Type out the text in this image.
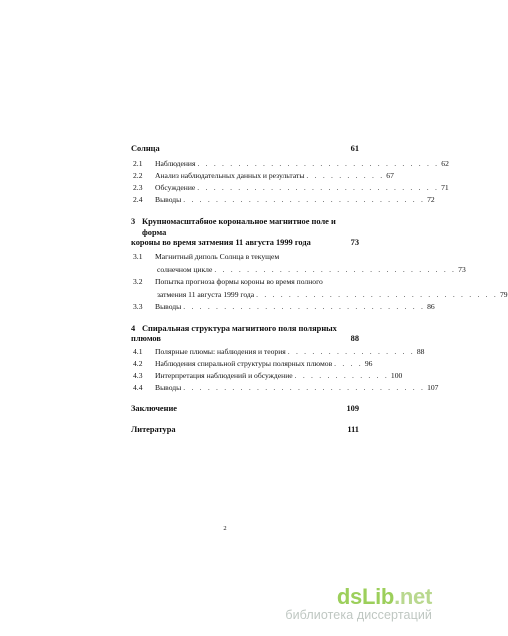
Солнца	61
2.1	Наблюдения . . . . . . . . . . . . . . . . . . . . . . . . . . . . . . 62
2.2	Анализ наблюдательных данных и результаты . . . . . . . . . . 67
2.3	Обсуждение . . . . . . . . . . . . . . . . . . . . . . . . . . . . . . 71
2.4	Выводы . . . . . . . . . . . . . . . . . . . . . . . . . . . . . . 72
3 Крупномасштабное корональное магнитное поле и форма
короны во время затмения 11 августа 1999 года	73
3.1	Магнитный диполь Солнца в текущем
солнечном цикле . . . . . . . . . . . . . . . . . . . . . . . . . . . . . . 73
3.2	Попытка прогноза формы короны во время полного
затмения 11 августа 1999 года . . . . . . . . . . . . . . . . . . . . . . . . . . . . . . 79
3.3	Выводы . . . . . . . . . . . . . . . . . . . . . . . . . . . . . . 86
4 Спиральная структура магнитного поля полярных
плюмов	88
4.1	Полярные плюмы: наблюдения и теория . . . . . . . . . . . . . . . . 88
4.2	Наблюдения спиральной структуры полярных плюмов . . . . 96
4.3	Интерпретация наблюдений и обсуждение . . . . . . . . . . . . 100
4.4	Выводы . . . . . . . . . . . . . . . . . . . . . . . . . . . . . . 107
Заключение	109
Литература	111
2
dsLib.net
библиотека диссертаций
